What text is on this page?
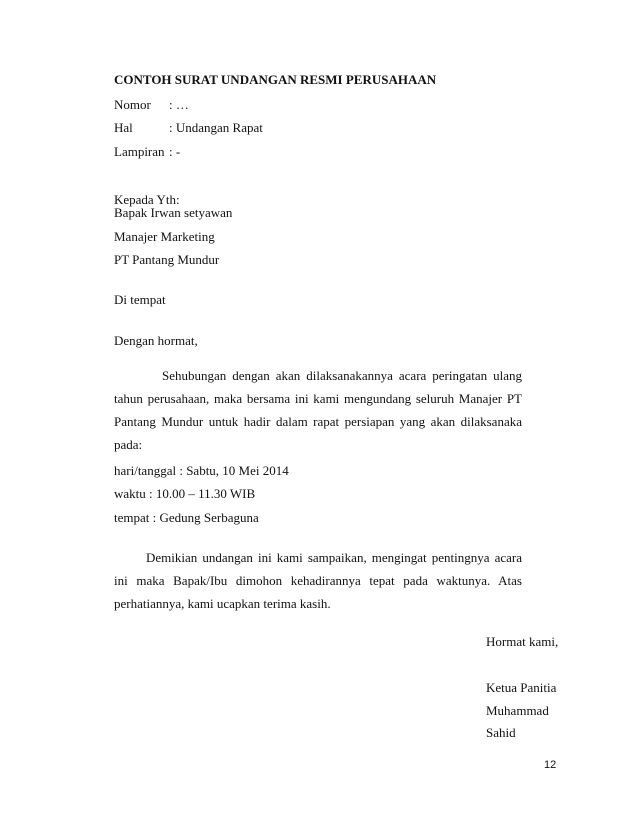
CONTOH SURAT UNDANGAN RESMI PERUSAHAAN
Nomor : …
Hal	: Undangan Rapat
Lampiran : -
Kepada Yth:
Bapak Irwan setyawan
Manajer Marketing
PT Pantang Mundur
Di tempat
Dengan hormat,
Sehubungan dengan akan dilaksanakannya acara peringatan ulang tahun perusahaan, maka bersama ini kami mengundang seluruh Manajer PT Pantang Mundur untuk hadir dalam rapat persiapan yang akan dilaksanaka pada:
hari/tanggal : Sabtu, 10 Mei 2014
waktu : 10.00 – 11.30 WIB
tempat : Gedung Serbaguna
Demikian undangan ini kami sampaikan, mengingat pentingnya acara ini maka Bapak/Ibu dimohon kehadirannya tepat pada waktunya. Atas perhatiannya, kami ucapkan terima kasih.
Hormat kami,
Ketua Panitia
Muhammad
Sahid
12
